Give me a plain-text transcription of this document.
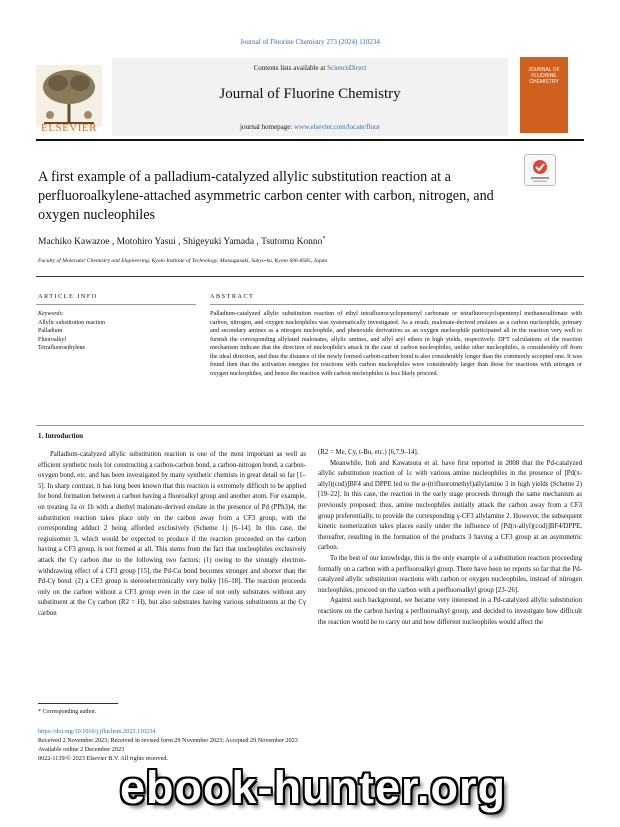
Journal of Fluorine Chemistry 273 (2024) 110234
ELSEVIER
Contents lists available at ScienceDirect
Journal of Fluorine Chemistry
journal homepage: www.elsevier.com/locate/fluor
JOURNAL OF FLUORINE CHEMISTRY
A first example of a palladium-catalyzed allylic substitution reaction at a perfluoroalkylene-attached asymmetric carbon center with carbon, nitrogen, and oxygen nucleophiles
Machiko Kawazoe , Motohiro Yasui , Shigeyuki Yamada , Tsutomu Konno*
Faculty of Molecular Chemistry and Engineering, Kyoto Institute of Technology, Matsugasaki, Sakyo-ku, Kyoto 606-8585, Japan
ARTICLE INFO	ABSTRACT
Keywords:
Allylic substitution reaction
Palladium
Fluoroalkyl
Tetrafluoroethylene
Palladium-catalyzed allylic substitution reaction of ethyl tetrafluorocyclopentenyl carbonate or tetrafluorocyclopentenyl methanesulfonate with carbon, nitrogen, and oxygen nucleophiles was systematically investigated. As a result, malonate-derived enolates as a carbon nucleophile, primary and secondary amines as a nitrogen nucleophile, and phenoxide derivatives as an oxygen nucleophile participated all in the reaction very well to furnish the corresponding allylated malonates, allylic amines, and allyl aryl ethers in high yields, respectively. DFT calculations of the reaction mechanism indicate that the direction of nucleophile's attack in the case of carbon nucleophiles, unlike other nucleophiles, is considerably off from the ideal direction, and thus the distance of the newly formed carbon-carbon bond is also considerably longer than the commonly accepted one. It was found then that the activation energies for reactions with carbon nucleophiles were considerably larger than those for reactions with nitrogen or oxygen nucleophiles, and hence the reaction with carbon nucleophiles is less likely proceed.
1. Introduction

Palladium-catalyzed allylic substitution reaction is one of the most important as well as efficient synthetic tools for constructing a carbon-carbon bond, a carbon-nitrogen bond, a carbon-oxygen bond, etc. and has been investigated by many synthetic chemists in great detail so far [1–5]. In sharp contrast, it has long been known that this reaction is extremely difficult to be applied for bond formation between a carbon having a fluoroalkyl group and another atom. For example, on treating 1a or 1b with a diethyl malonate-derived enolate in the presence of Pd (PPh3)4, the substitution reaction takes place only on the carbon away from a CF3 group, with the corresponding adduct 2 being afforded exclusively (Scheme 1) [6–14]. In this case, the regioisomer 3, which would be expected to produce if the reaction proceeded on the carbon having a CF3 group, is not formed at all. This stems from the fact that nucleophiles exclusively attack the Cγ carbon due to the following two factors; (1) owing to the strongly electron-withdrawing effect of a CF3 group [15], the Pd-Cα bond becomes stronger and shorter than the Pd-Cγ bond. (2) a CF3 group is stereoelectronically very bulky [16–18]. The reaction proceeds only on the carbon without a CF3 group even in the case of not only substrates without any substituent at the Cγ carbon (R2 = H), but also substrates having various substituents at the Cγ carbon

(R2 = Me, Cy, t-Bu, etc.) [6,7,9–14].

Meanwhile, Itoh and Kawatsura et al. have first reported in 2008 that the Pd-catalyzed allylic substitution reaction of 1c with various amine nucleophiles in the presence of [Pd(π-allyl)(cod)]BF4 and DPPE led to the α-(trifluoromethyl)allylamine 3 in high yields (Scheme 2) [19–22]. In this case, the reaction in the early stage proceeds through the same mechanism as previously proposed; thus, amine nucleophiles initially attack the carbon away from a CF3 group preferentially, to provide the corresponding γ-CF3 allylamine 2. However, the subsequent kinetic isomerization takes places easily under the influence of [Pd(π-allyl)(cod)]BF4/DPPE, thereafter, resulting in the formation of the products 3 having a CF3 group at an asymmetric carbon.

To the best of our knowledge, this is the only example of a substitution reaction proceeding formally on a carbon with a perfluoroalkyl group. There have been no reports so far that the Pd-catalyzed allylic substitution reactions with carbon or oxygen nucleophiles, instead of nitrogen nucleophiles, proceed on the carbon with a perfluoroalkyl group [23–26].

Against such background, we became very interested in a Pd-catalyzed allylic substitution reactions on the carbon having a perfluoroalkyl group, and decided to investigate how difficult the reaction would be to carry out and how different nucleophiles would affect the

* Corresponding author.
https://doi.org/10.1016/j.jfluchem.2023.110234
Received 2 November 2023; Received in revised form 29 November 2023; Accepted 29 November 2023
Available online 2 December 2023
0022-1139/© 2023 Elsevier B.V. All rights reserved.
ebook-hunter.org
